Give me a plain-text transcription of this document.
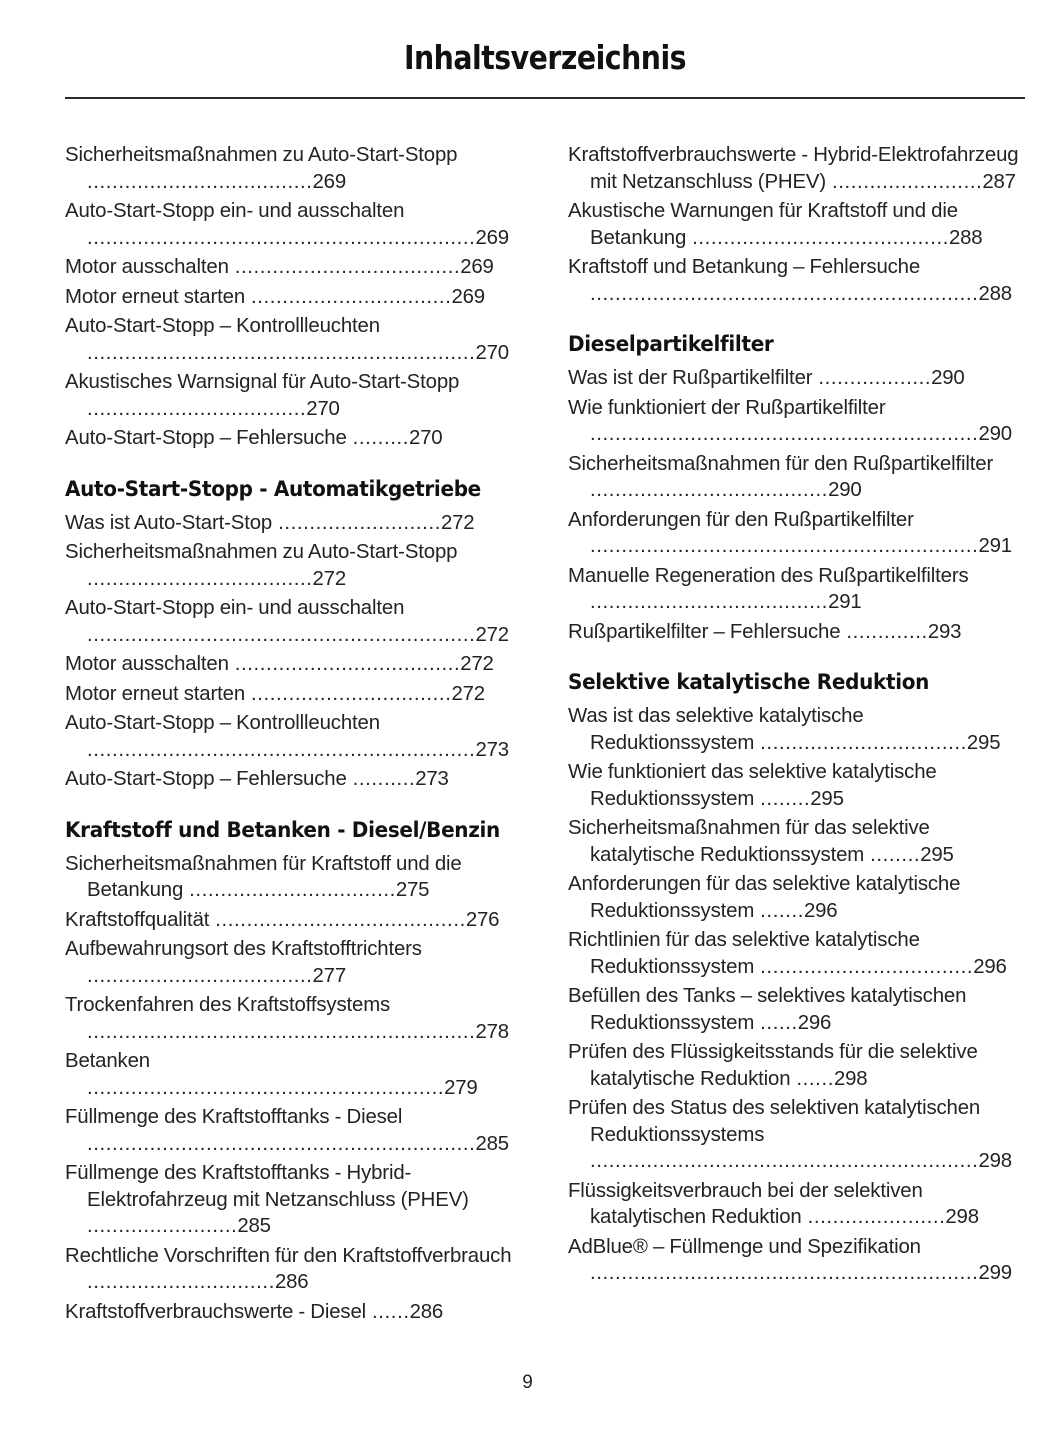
Inhaltsverzeichnis
Sicherheitsmaßnahmen zu Auto-Start-Stopp ....................................269
Auto-Start-Stopp ein- und ausschalten ..............................................................269
Motor ausschalten ....................................269
Motor erneut starten ................................269
Auto-Start-Stopp – Kontrollleuchten ..............................................................270
Akustisches Warnsignal für Auto-Start-Stopp ...................................270
Auto-Start-Stopp – Fehlersuche .........270
Auto-Start-Stopp - Automatikgetriebe
Was ist Auto-Start-Stop ..........................272
Sicherheitsmaßnahmen zu Auto-Start-Stopp ....................................272
Auto-Start-Stopp ein- und ausschalten ..............................................................272
Motor ausschalten ....................................272
Motor erneut starten ................................272
Auto-Start-Stopp – Kontrollleuchten ..............................................................273
Auto-Start-Stopp – Fehlersuche ..........273
Kraftstoff und Betanken - Diesel/Benzin
Sicherheitsmaßnahmen für Kraftstoff und die Betankung .................................275
Kraftstoffqualität ........................................276
Aufbewahrungsort des Kraftstofftrichters ....................................277
Trockenfahren des Kraftstoffsystems ..............................................................278
Betanken .........................................................279
Füllmenge des Kraftstofftanks - Diesel ..............................................................285
Füllmenge des Kraftstofftanks - Hybrid-Elektrofahrzeug mit Netzanschluss (PHEV) ........................285
Rechtliche Vorschriften für den Kraftstoffverbrauch ..............................286
Kraftstoffverbrauchswerte - Diesel ......286
Kraftstoffverbrauchswerte - Hybrid-Elektrofahrzeug mit Netzanschluss (PHEV) ........................287
Akustische Warnungen für Kraftstoff und die Betankung .........................................288
Kraftstoff und Betankung – Fehlersuche ..............................................................288
Dieselpartikelfilter
Was ist der Rußpartikelfilter ..................290
Wie funktioniert der Rußpartikelfilter ..............................................................290
Sicherheitsmaßnahmen für den Rußpartikelfilter ......................................290
Anforderungen für den Rußpartikelfilter ..............................................................291
Manuelle Regeneration des Rußpartikelfilters ......................................291
Rußpartikelfilter – Fehlersuche .............293
Selektive katalytische Reduktion
Was ist das selektive katalytische Reduktionssystem .................................295
Wie funktioniert das selektive katalytische Reduktionssystem ........295
Sicherheitsmaßnahmen für das selektive katalytische Reduktionssystem ........295
Anforderungen für das selektive katalytische Reduktionssystem .......296
Richtlinien für das selektive katalytische Reduktionssystem ..................................296
Befüllen des Tanks – selektives katalytischen Reduktionssystem ......296
Prüfen des Flüssigkeitsstands für die selektive katalytische Reduktion ......298
Prüfen des Status des selektiven katalytischen Reduktionssystems ..............................................................298
Flüssigkeitsverbrauch bei der selektiven katalytischen Reduktion ......................298
AdBlue® – Füllmenge und Spezifikation ..............................................................299
9
